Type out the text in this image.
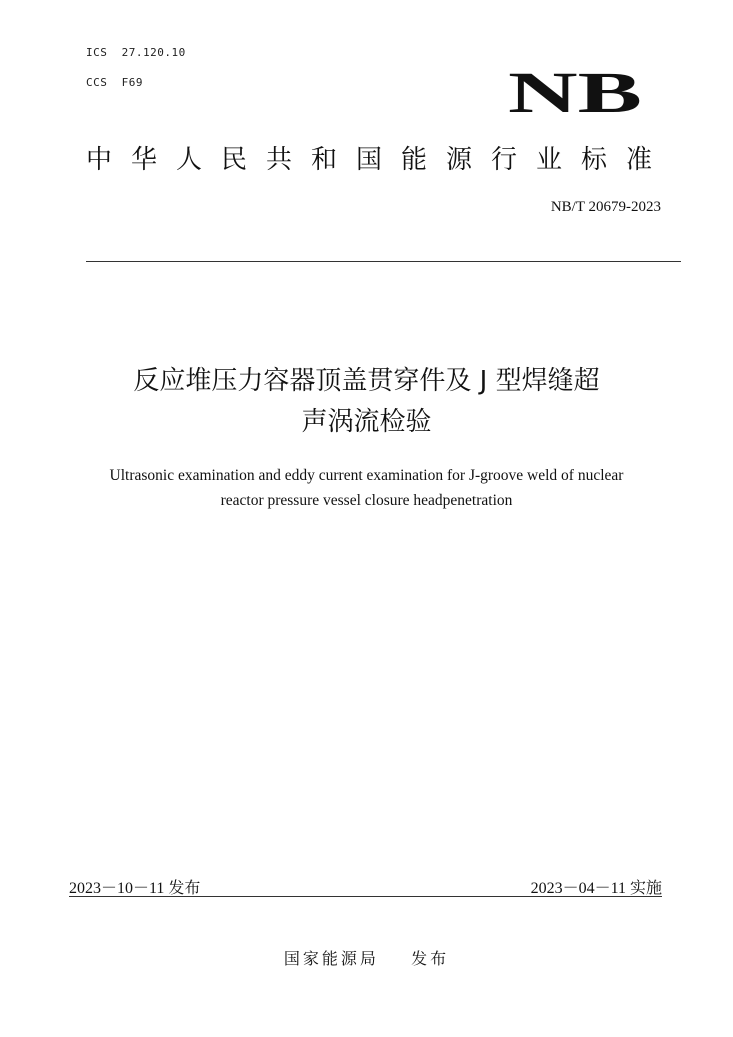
ICS  27.120.10
CCS  F69	NB
中华人民共和国能源行业标准
NB/T 20679-2023
反应堆压力容器顶盖贯穿件及 J 型焊缝超
声涡流检验
Ultrasonic examination and eddy current examination for J-groove weld of nuclear
reactor pressure vessel closure headpenetration
2023－10－11 发布	2023－04－11 实施
国家能源局    发布
